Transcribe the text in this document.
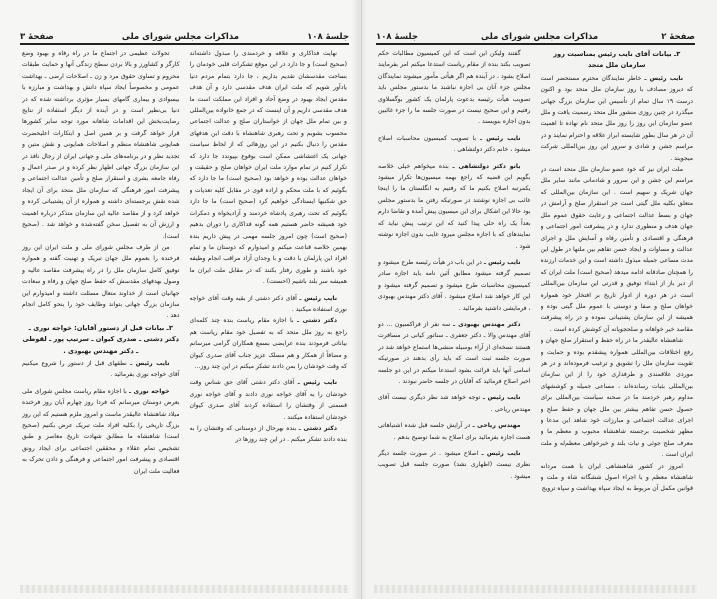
جلسهٔ ۱۰۸
مذاکرات مجلس شورای ملی
صفحهٔ ۳

تحولات عظیمی در اجتماع ما در راه رفاه و بهبود وضع کارگر و کشاورز و بالا بردن سطح زندگی آنها و حمایت طبقات محروم و تساوی حقوق مرد و زن ـ اصلاحات ارضی ـ بهداشت عمومی و مخصوصاً ایجاد سپاه دانش و بهداشت و مبارزه با بیسوادی و بیماری گامهای بسیار مؤثری برداشته شده که در دنیا بی‌نظیر است و در آینده از دیگر استفاده از نتایج رضایت‌بخش این اقدامات شاهانه مورد توجه سایر کشورها قرار خواهد گرفت و بر همین اصل و ابتکارات اعلیحضرت همایونی شاهنشاه منظم و اصلاحات همایونی و نقش متین و تجدید نظر و در برنامه‌های ملی و جهانی ایران از رجال نافذ در این سازمان بزرگ جهانی اظهار نظر کرده و در صدر اعمال و رفاه جامعه بشری و استقرار صلح و تأمین عدالت اجتماعی و پیشرفت امور فرهنگی که سازمان ملل متحد برای آن ایجاد شده نقش برجسته‌ای داشته و همواره از آن پشتیبانی کرده و خواهد کرد و از مقاصد عالیه این سازمان متذکر درباره اهمیت و ارزش آن به تفصیل سخن گفته‌شده و خواهد شد . (صحیح است).

من از طرف مجلس شورای ملی و ملت ایران این روز فرخنده را بعموم ملل جهان تبریک و تهنیت گفته و همواره توفیق کامل سازمان ملل را در راه پیشرفت مقاصد عالیه و وصول بهدفهای مقدسش که حفظ صلح جهان و رفاه و سعادت جهانیان است از خداوند متعال مسئلت داشته و امیدوارم این سازمان بزرگ جهانی بتواند وظایف خود را بنحو کامل انجام دهد .

۳ـ بیانات قبل از دستور آقایان: خواجه نوری ـ دکتر دشتی ـ صدری کیوان ـ سرتیپ پور ـ لقوطی ـ دکتر مهندس بهبودی .

نایب رئیس ـ نطقهای قبل از دستور را شروع میکنیم آقای خواجه نوری بفرمائید .

خواجه نوری ـ با اجازه مقام ریاست مجلس شورای ملی بعرض دوستان میرسانم که فردا روز چهارم آبان روز فرخنده میلاد شاهنشاه عالیقدر ماست و امروز ملزم هستیم که این روز بزرگ تاریخی را بکلیه افراد ملت تبریک عرض بکنیم (صحیح است) شاهنشاه ما مطابق شهادت تاریخ معاصر و طبق تشخیص تمام عقلاء و محققین اجتماعی برای ایجاد رونق اقتصادی و پیشرفت امور اجتماعی و فرهنگی و دادن تحرک به فعالیت ملت ایران

نهایت فداکاری و علاقه و خردمندی را مبذول داشته‌اند (صحیح است) و جا دارد در این موقع تشکرات قلبی خودمان را بساحت مقدسشان تقدیم بداریم ، جا دارد بتمام مردم دنیا یادآور شویم که ملت ایران هدف مقدسی دارد و آن هدف مقدس ایجاد بهبود در وضع آحاد و افراد این مملکت است ما هدف مقدسی داریم و آن اینست که در جمع خانواده بین‌المللی و بین تمام ملل جهان از خواستاران صلح و عدالت اجتماعی محسوب بشویم و تحت رهبری شاهنشاه با دقت این هدفهای مقدس را دنبال بکنیم در این روزهائی که از لحاظ سیاست جهانی یک اغتشاشی ممکن است بوقوع بپیوندد جا دارد که تکرار کنیم در تمام موارد ملت ایران خواهان صلح و حقیقت و خواهان عدالت بوده و خواهد بود (صحیح است) ما جا دارد که بگوئیم که با ملت محکم و اراده قوی در مقابل کلیه تعدیات و حق شکنیها ایستادگی خواهیم کرد (صحیح است) ما جا دارد بگوئیم که تحت رهبری پادشاه خردمند و آزادیخواه و دمکرات خود همیشه حاضر هستیم همه گونه فداکاری را دوران بدهیم (صحیح است) چون امروز جلسه مهمی در پیش داریم بنده بهمین خلاصه قناعت میکنم و امیدوارم که دوستان ما و تمام افراد این پارلمان با دقت و با وجدان آزاد مراقب انجام وظیفه خود باشند و طوری رفتار بکنند که در مقابل ملت ایران ما همیشه سر بلند باشیم (احسنت) .

نایب رئیس ـ آقای دکتر دشتی از بقیه وقت آقای خواجه نوری استفاده میکنید .

دکتر دشتی ـ با اجازه مقام ریاست بنده چند کلمه‌ای راجع به روز ملل متحد که به تفصیل خود مقام ریاست هم بیاناتی فرمودند بنده عرایضی بسمع همکاران گرامی میرسانم و مضافاً از همکار و هم مسلک عزیز جناب آقای صدری کیوان که وقت خودشان را بمن دادند تشکر میکنم در این چند روز...

نایب رئیس ـ آقای دکتر دشتی آقای حق شناس وقت خودشان را به آقای خواجه نوری دادند و آقای خواجه نوری قسمتی از وقتشان را استفاده کردند آقای صدری کیوان خودشان استفاده میکنند .

دکتر دشتی ـ بنده بهرحال از دوستانی که وقتشان را به بنده دادند تشکر میکنم . در این چند روزها در

صفحهٔ ۲
مذاکرات مجلس شورای ملی
جلسهٔ ۱۰۸

گفتند ولیکن این است که این کمیسیون مطالبات حکم تصویب بکند بنده از مقام ریاست استدعا میکنم امر بفرمایند اصلاح بشود ، در آینده هم اگر هیأتی مأمور میشوند نمایندگان مجلس جزء آنان بی اجازه نباشند ما بدستور مجلس باید تصویب هیأت رئیسه بدعوت پارلمان یک کشور بوگسلاوی رفتیم و این صحیح نیست در صورت جلسه ما را جزء غائبین بدون اجازه بنویسند .

نایب رئیس ـ با تصویب کمیسیون محاسبات اصلاح میشود ، خانم دکتر دولتشاهی .

بانو دکتر دولتشاهی ـ بنده میخواهم خیلی خلاصه بگویم این قضیه که راجع بهمه میسیون‌ها تکرار میشود یکمرتبه اصلاح بکنیم ما که رفتیم به انگلستان ما را اینجا غائب بی اجازه نوشتند در صورتیکه رفتن ما بدستور مجلس بود حالا این اشکال برای این میسیون پیش آمده و تقاضا دارم بعداً یک راه حلی پیدا کنید که این ترتیب پیش نیاید که نمایندهای که با اجازه مجلس میرود غایب بدون اجازه نوشته شود .

نایب رئیس ـ در این باب در هیأت رئیسه طرح میشود و تصمیم گرفته میشود مطابق آئین نامه باید اجازه صادر کمیسیون محاسبات طرح میشود و تصمیم گرفته میشود و این کار خواهد شد اصلاح میشود . آقای دکتر مهندس بهبودی ، فرمایشی داشتید بفرمائید .

دکتر مهندس بهبودی ـ سه نفر از فراکسیون ... دو آقای مهندس والا ـ دکتر جعفری ـ سناتور کیانی در مسافرت هستند نسخه‌ای از آراء بوسیله منشی‌ها استماع خواهد شد در صورت جلسه ثبت است که باید رأی بدهند در صورتیکه اسامی آنها باید قرائت بشود استدعا میکنم در این دو جلسه اخیر اصلاح فرمائید که آقایان در جلسه حاضر نبودند .

نایب رئیس ـ توجه خواهد شد نظر دیگری نیست آقای مهندس ریاحی .

مهندس ریاحی ـ در آرایش جلسه قبل شده اشتباهاتی هست اجازه بفرمائید برای اصلاح به شما توضیح بدهم .

نایب رئیس ـ اصلاح میشود . در صورت جلسه دیگر نظری نیست (اظهاری نشد) صورت جلسه قبل تصویب میشود .

۳ـ بیانات آقای نایب رئیس بمناسبت روز سازمان ملل متحد

نایب رئیس ـ خاطر نمایندگان محترم مستحضر است که دیروز مصادف با روز سازمان ملل متحد بود و اکنون درست ۱۹ سال تمام از تأسیس این سازمان بزرگ جهانی میگذرد در چنین روزی منشور ملل متحد رسمیت یافت و ملل عضو سازمان این روز را روز ملل متحد نام نهاده تا اهمیت آن در هر سال بطور شایسته ابراز علاقه و احترام نمایند و در مراسم جشن و شادی و سرور این روز بین‌المللی شرکت میجویند .

ملت ایران نیز که خود عضو سازمان ملل متحد است در مراسم این جشن و این سرور و شادمانی مانند سایر ملل جهان شریک و سهیم است . این سازمان بین‌المللی که متعلق بکلیه ملل گیتی است جز استقرار صلح و آرامش در جهان و بسط عدالت اجتماعی و رعایت حقوق عموم ملل جهان هدف و منظوری ندارد و در پیشرفت امور اجتماعی و فرهنگی و اقتصادی و تأمین رفاه و آسایش ملل و اجرای عدالت و مساوات و ایجاد حسن تفاهم بین ملتها در طول این مدت مساعی جمیله مبذول داشته است و این خدمات ارزنده را همچنان صادقانه ادامه میدهد (صحیح است) ملت ایران که از دیر باز از ابتداء توفیق و قدرتی این سازمان بین‌المللی است در هر دوره از ادوار تاریخ بر افتخار خود همواره خواهان صلح و صفا و دوستی با عموم ملل گیتی بوده و همیشه از این سازمان پشتیبانی نموده و در راه پیشرفت مقاصد خیر خواهانه و صلحجویانه آن کوشش کرده است .

شاهنشاه عالیقدر ما در راه حفظ و استقرار صلح جهان و رفع اختلافات بین‌المللی همواره پیشقدم بوده و حمایت و تقویت سازمان ملل را تشویق و ترغیب فرموده‌اند و در هر موردی علاقمندی و طرفداری خود را از این سازمان بین‌المللی بثبات رسانده‌اند ، مساعی جمیله و کوششهای مداوم رهبر خردمند ما در صحنه سیاست بین‌المللی برای حصول حسن تفاهم بیشتر بین ملل جهان و حفظ صلح و اجرای عدالت اجتماعی و مبارزات خود شاهد این مدعا و مظهر شخصیت برجسته شاهنشاه محبوب و معظم ما و معرف صلح جوئی و نیات بلند و خیرخواهی معظم‌له و ملت ایران است .

امروز در کشور شاهنشاهی ایران با همت مردانه شاهنشاه معظم و با اجراء اصول ششگانه شاه و ملت و قوانین مکمل آن مربوط به ایجاد سپاه بهداشت و سپاه ترویج
